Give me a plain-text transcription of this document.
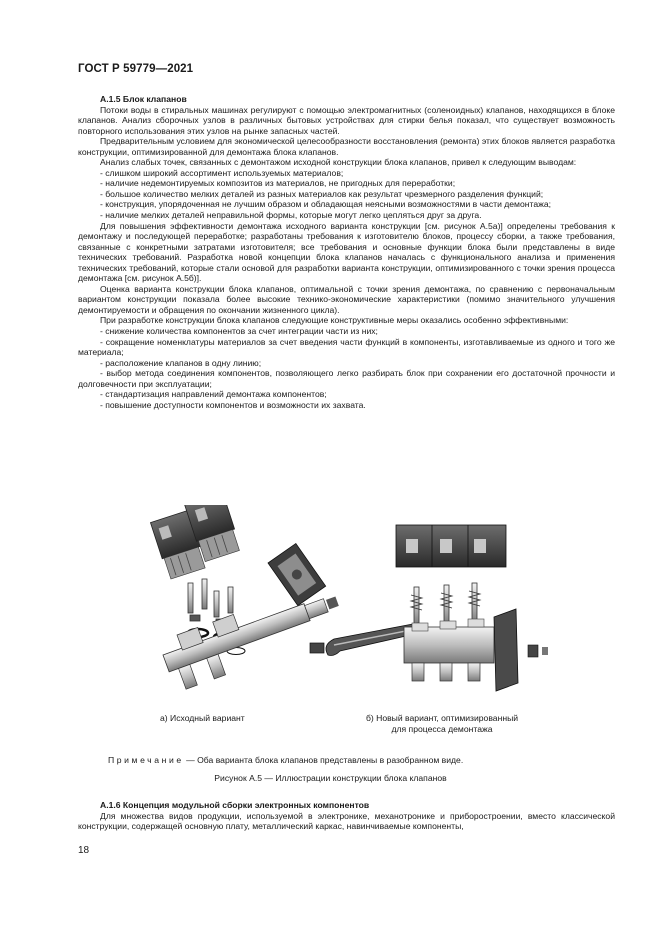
ГОСТ Р 59779—2021

А.1.5 Блок клапанов

Потоки воды в стиральных машинах регулируют с помощью электромагнитных (соленоидных) клапанов, находящихся в блоке клапанов. Анализ сборочных узлов в различных бытовых устройствах для стирки белья показал, что существует возможность повторного использования этих узлов на рынке запасных частей.

Предварительным условием для экономической целесообразности восстановления (ремонта) этих блоков является разработка конструкции, оптимизированной для демонтажа блока клапанов.

Анализ слабых точек, связанных с демонтажом исходной конструкции блока клапанов, привел к следующим выводам:

- слишком широкий ассортимент используемых материалов;

- наличие недемонтируемых композитов из материалов, не пригодных для переработки;

- большое количество мелких деталей из разных материалов как результат чрезмерного разделения функций;

- конструкция, упорядоченная не лучшим образом и обладающая неясными возможностями в части демонтажа;

- наличие мелких деталей неправильной формы, которые могут легко цепляться друг за друга.

Для повышения эффективности демонтажа исходного варианта конструкции [см. рисунок А.5а)] определены требования к демонтажу и последующей переработке; разработаны требования к изготовителю блоков, процессу сборки, а также требования, связанные с конкретными затратами изготовителя; все требования и основные функции блока были представлены в виде технических требований. Разработка новой концепции блока клапанов началась с функционального анализа и применения технических требований, которые стали основой для разработки варианта конструкции, оптимизированного с точки зрения процесса демонтажа [см. рисунок А.5б)].

Оценка варианта конструкции блока клапанов, оптимальной с точки зрения демонтажа, по сравнению с первоначальным вариантом конструкции показала более высокие технико-экономические характеристики (помимо значительного улучшения демонтируемости и обращения по окончании жизненного цикла).

При разработке конструкции блока клапанов следующие конструктивные меры оказались особенно эффективными:

- снижение количества компонентов за счет интеграции части из них;

- сокращение номенклатуры материалов за счет введения части функций в компоненты, изготавливаемые из одного и того же материала;

- расположение клапанов в одну линию;

- выбор метода соединения компонентов, позволяющего легко разбирать блок при сохранении его достаточной прочности и долговечности при эксплуатации;

- стандартизация направлений демонтажа компонентов;

- повышение доступности компонентов и возможности их захвата.

а) Исходный вариант	б) Новый вариант, оптимизированный
для процесса демонтажа
Примечание — Оба варианта блока клапанов представлены в разобранном виде.
Рисунок А.5 — Иллюстрации конструкции блока клапанов

А.1.6 Концепция модульной сборки электронных компонентов

Для множества видов продукции, используемой в электронике, механотронике и приборостроении, вместо классической конструкции, содержащей основную плату, металлический каркас, навинчиваемые компоненты,

18
